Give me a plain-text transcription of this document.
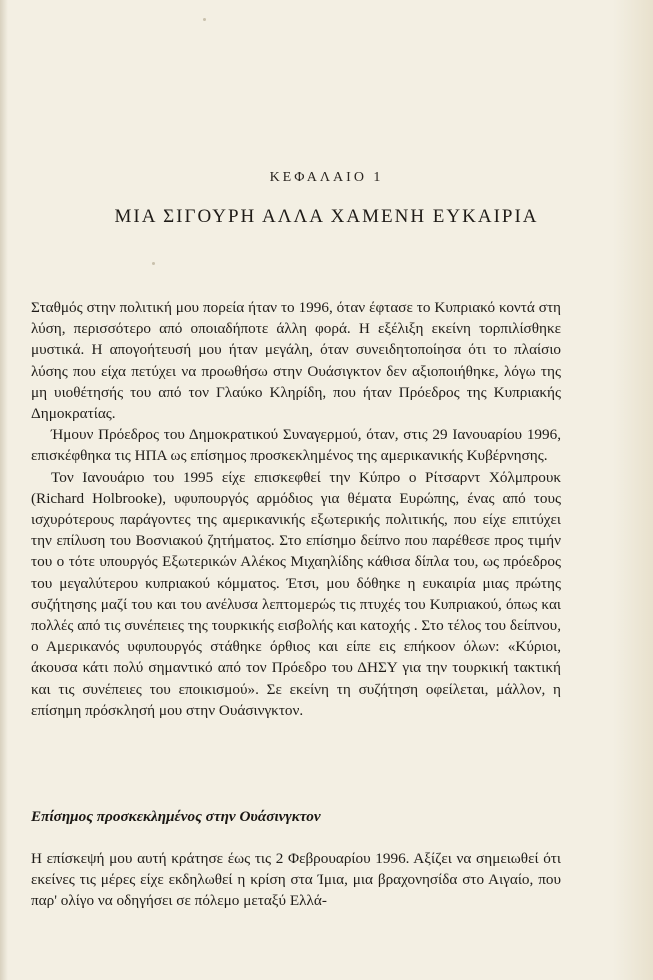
ΚΕΦΑΛΑΙΟ 1
ΜΙΑ ΣΙΓΟΥΡΗ ΑΛΛΑ ΧΑΜΕΝΗ ΕΥΚΑΙΡΙΑ

Σταθμός στην πολιτική μου πορεία ήταν το 1996, όταν έφτασε το Κυπριακό κοντά στη λύση, περισσότερο από οποιαδήποτε άλλη φορά. Η εξέλιξη εκείνη τορπιλίσθηκε μυστικά. Η απογοήτευσή μου ήταν μεγάλη, όταν συνειδητοποίησα ότι το πλαίσιο λύσης που είχα πετύχει να προωθήσω στην Ουάσιγκτον δεν αξιοποιήθηκε, λόγω της μη υιοθέτησής του από τον Γλαύκο Κληρίδη, που ήταν Πρόεδρος της Κυπριακής Δημοκρατίας.

Ήμουν Πρόεδρος του Δημοκρατικού Συναγερμού, όταν, στις 29 Ιανουαρίου 1996, επισκέφθηκα τις ΗΠΑ ως επίσημος προσκεκλημένος της αμερικανικής Κυβέρνησης.

Τον Ιανουάριο του 1995 είχε επισκεφθεί την Κύπρο ο Ρίτσαρντ Χόλμπρουκ (Richard Holbrooke), υφυπουργός αρμόδιος για θέματα Ευρώπης, ένας από τους ισχυρότερους παράγοντες της αμερικανικής εξωτερικής πολιτικής, που είχε επιτύχει την επίλυση του Βοσνιακού ζητήματος. Στο επίσημο δείπνο που παρέθεσε προς τιμήν του ο τότε υπουργός Εξωτερικών Αλέκος Μιχαηλίδης κάθισα δίπλα του, ως πρόεδρος του μεγαλύτερου κυπριακού κόμματος. Έτσι, μου δόθηκε η ευκαιρία μιας πρώτης συζήτησης μαζί του και του ανέλυσα λεπτομερώς τις πτυχές του Κυπριακού, όπως και πολλές από τις συνέπειες της τουρκικής εισβολής και κατοχής . Στο τέλος του δείπνου, ο Αμερικανός υφυπουργός στάθηκε όρθιος και είπε εις επήκοον όλων: «Κύριοι, άκουσα κάτι πολύ σημαντικό από τον Πρόεδρο του ΔΗΣΥ για την τουρκική τακτική και τις συνέπειες του εποικισμού». Σε εκείνη τη συζήτηση οφείλεται, μάλλον, η επίσημη πρόσκλησή μου στην Ουάσινγκτον.

Επίσημος προσκεκλημένος στην Ουάσινγκτον

Η επίσκεψή μου αυτή κράτησε έως τις 2 Φεβρουαρίου 1996. Αξίζει να σημειωθεί ότι εκείνες τις μέρες είχε εκδηλωθεί η κρίση στα Ίμια, μια βραχονησίδα στο Αιγαίο, που παρ' ολίγο να οδηγήσει σε πόλεμο μεταξύ Ελλά-
